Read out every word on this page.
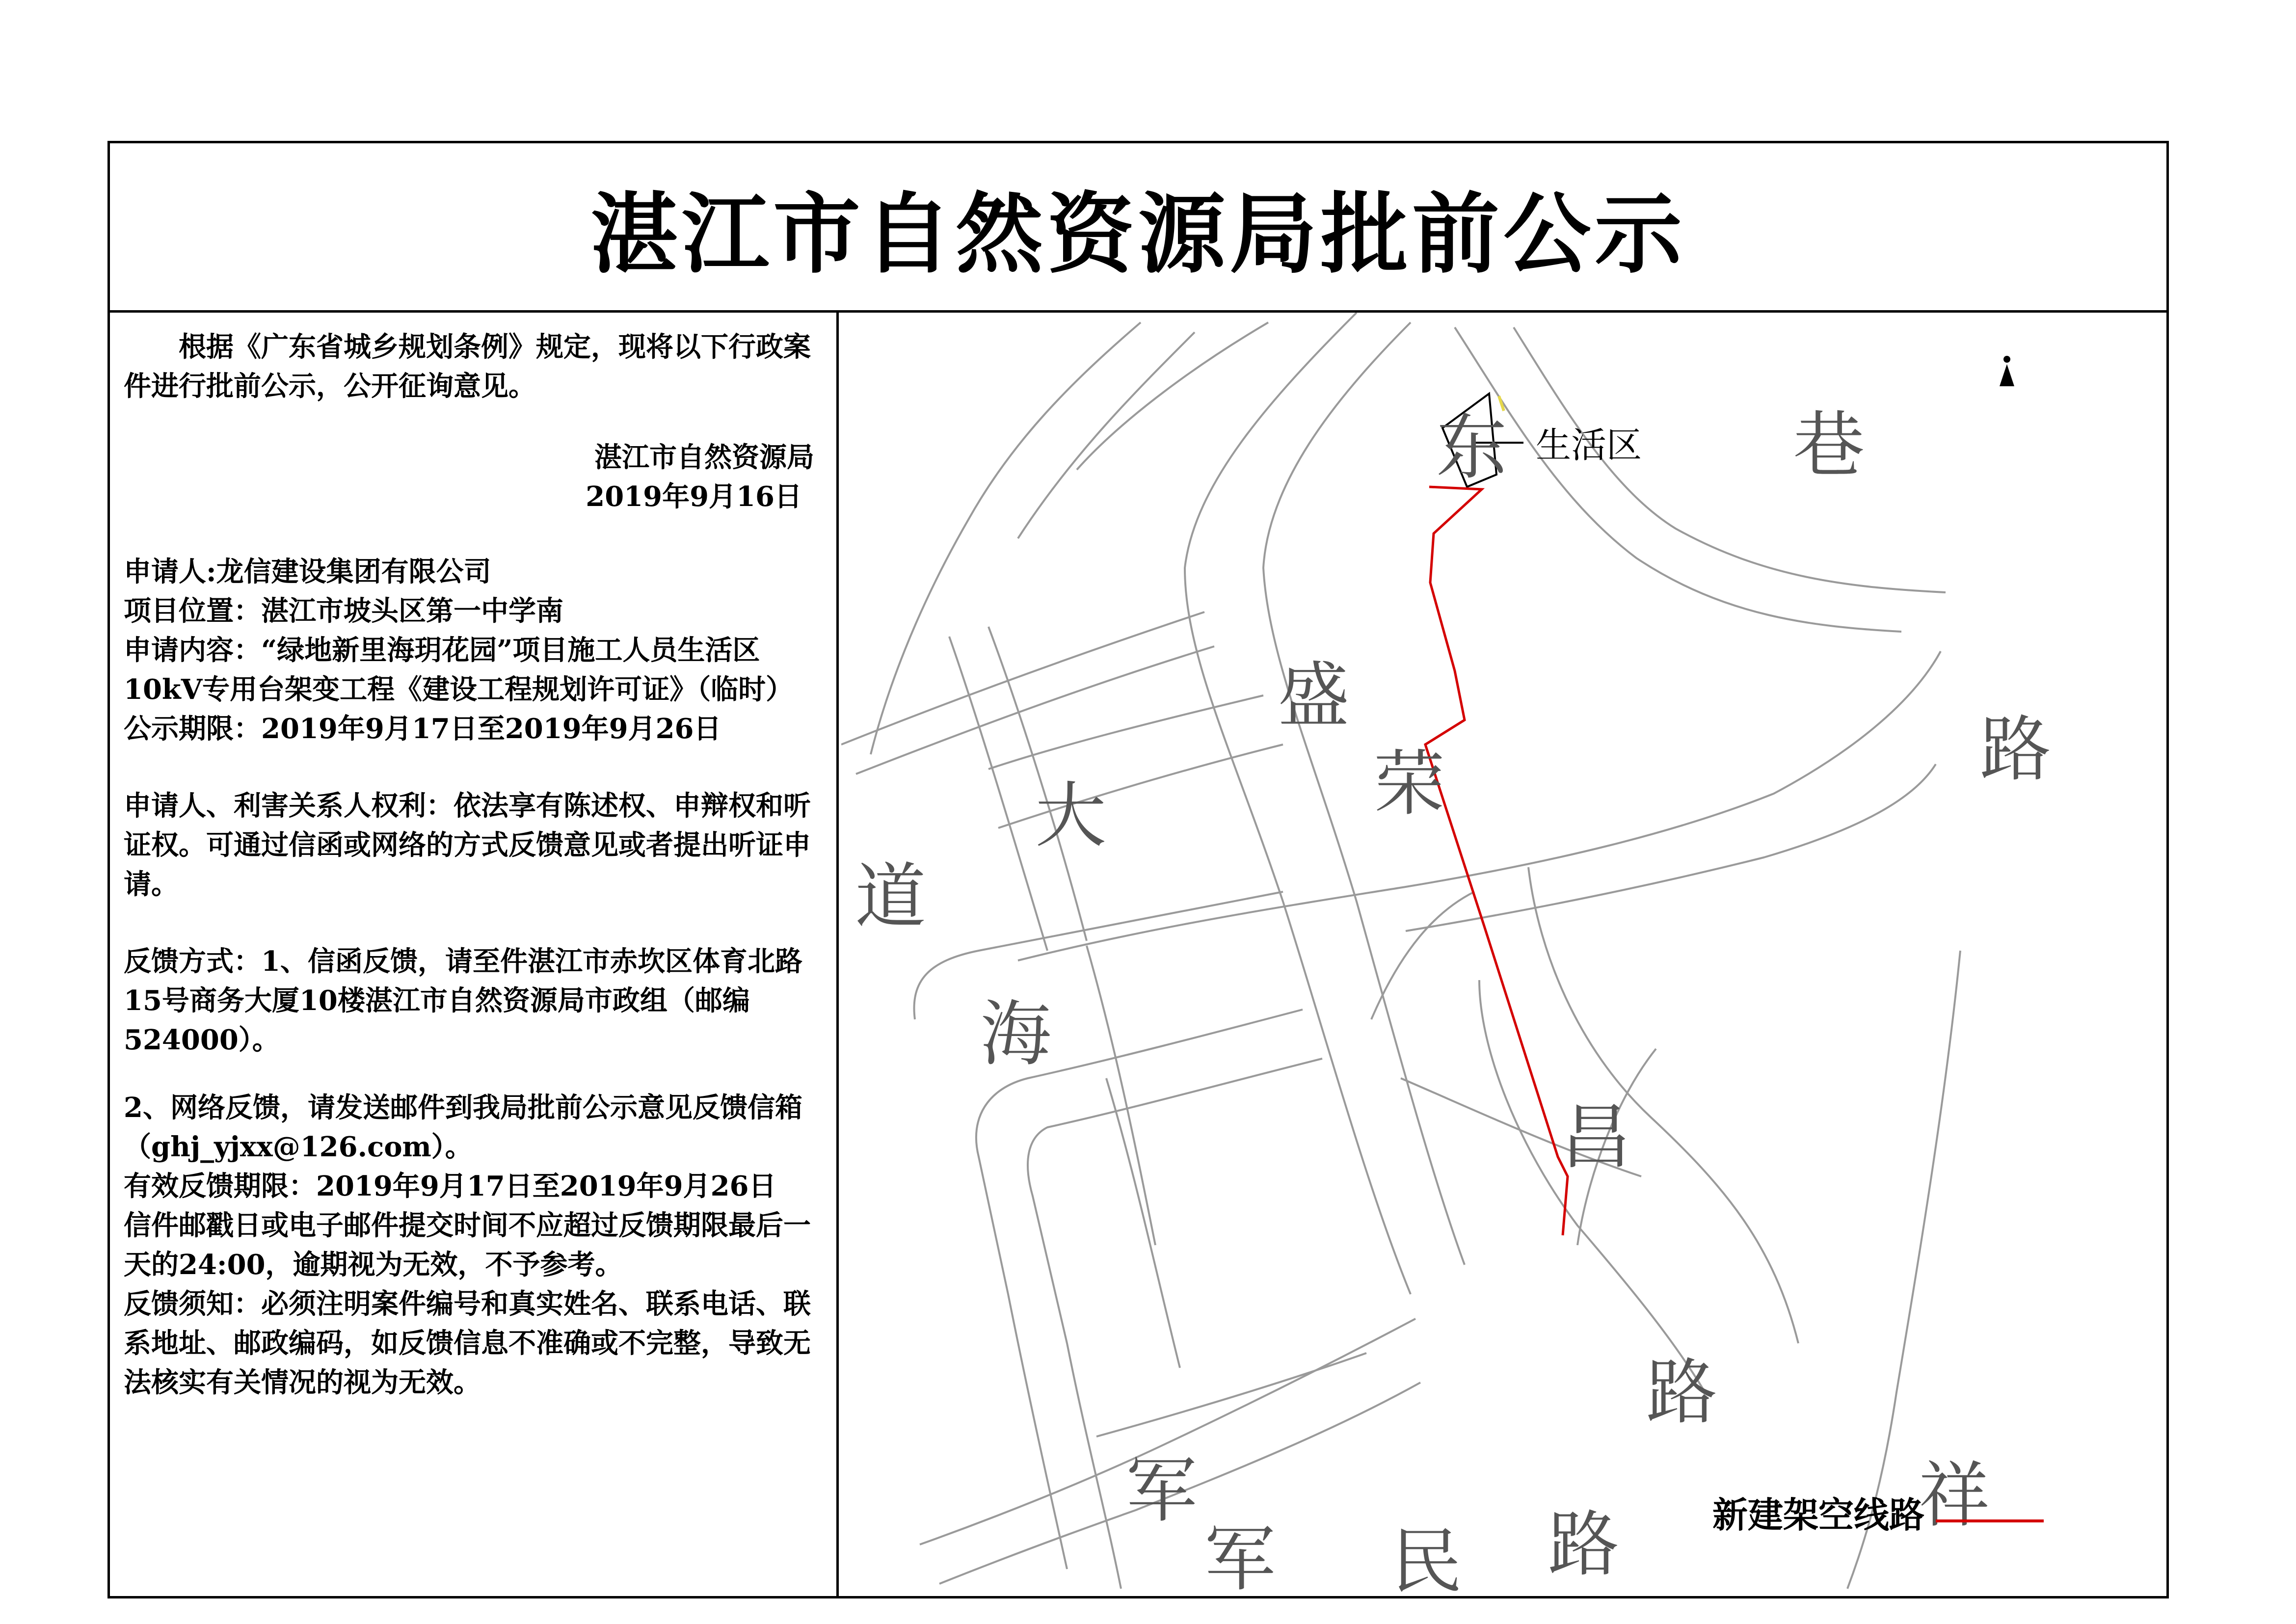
湛江市自然资源局批前公示
根据《广东省城乡规划条例》规定，现将以下行政案件进行批前公示，公开征询意见。
湛江市自然资源局
2019年9月16日
申请人:龙信建设集团有限公司
项目位置：湛江市坡头区第一中学南
申请内容：“绿地新里海玥花园”项目施工人员生活区10kV专用台架变工程《建设工程规划许可证》（临时）
公示期限：2019年9月17日至2019年9月26日
申请人、利害关系人权利：依法享有陈述权、申辩权和听证权。可通过信函或网络的方式反馈意见或者提出听证申请。
反馈方式：1、信函反馈，请至件湛江市赤坎区体育北路15号商务大厦10楼湛江市自然资源局市政组（邮编524000）。
2、网络反馈，请发送邮件到我局批前公示意见反馈信箱（ghj_yjxx@126.com）。
有效反馈期限：2019年9月17日至2019年9月26日
信件邮戳日或电子邮件提交时间不应超过反馈期限最后一天的24:00，逾期视为无效，不予参考。
反馈须知：必须注明案件编号和真实姓名、联系电话、联系地址、邮政编码，如反馈信息不准确或不完整，导致无法核实有关情况的视为无效。
生活区
东	巷
路
盛
荣
大
道
海
昌
路
军
路
民
军
祥
新建架空线路
